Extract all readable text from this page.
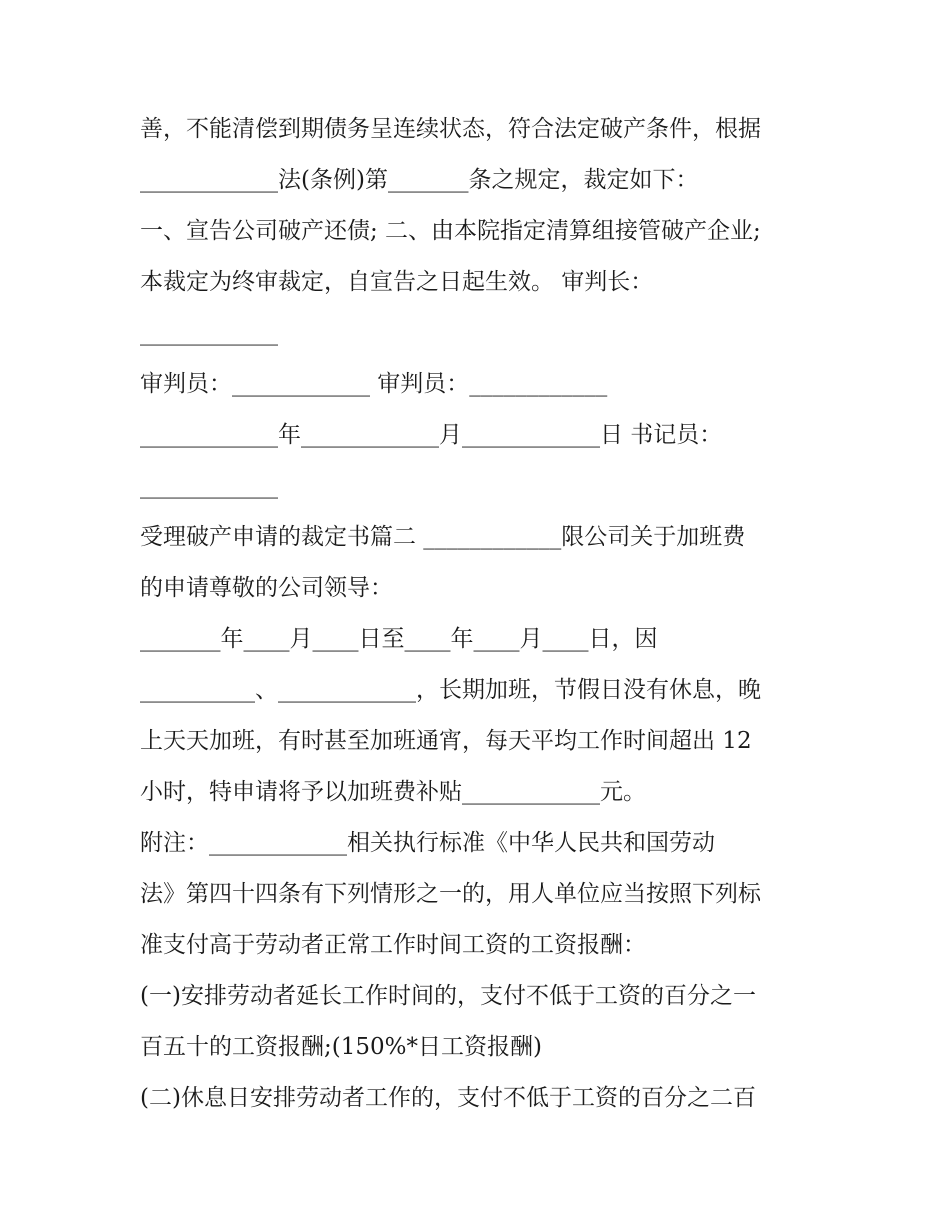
善，不能清偿到期债务呈连续状态，符合法定破产条件，根据
____________法(条例)第_______条之规定，裁定如下：
一、宣告公司破产还债; 二、由本院指定清算组接管破产企业;
本裁定为终审裁定，自宣告之日起生效。 审判长：
____________
审判员：____________ 审判员：____________
____________年____________月____________日 书记员：
____________
受理破产申请的裁定书篇二 ____________限公司关于加班费
的申请尊敬的公司领导：
_______年____月____日至____年____月____日，因
__________、____________，长期加班，节假日没有休息，晚
上天天加班，有时甚至加班通宵，每天平均工作时间超出 12
小时，特申请将予以加班费补贴____________元。
附注：____________相关执行标准《中华人民共和国劳动
法》第四十四条有下列情形之一的，用人单位应当按照下列标
准支付高于劳动者正常工作时间工资的工资报酬：
(一)安排劳动者延长工作时间的，支付不低于工资的百分之一
百五十的工资报酬;(150%*日工资报酬)
(二)休息日安排劳动者工作的，支付不低于工资的百分之二百
